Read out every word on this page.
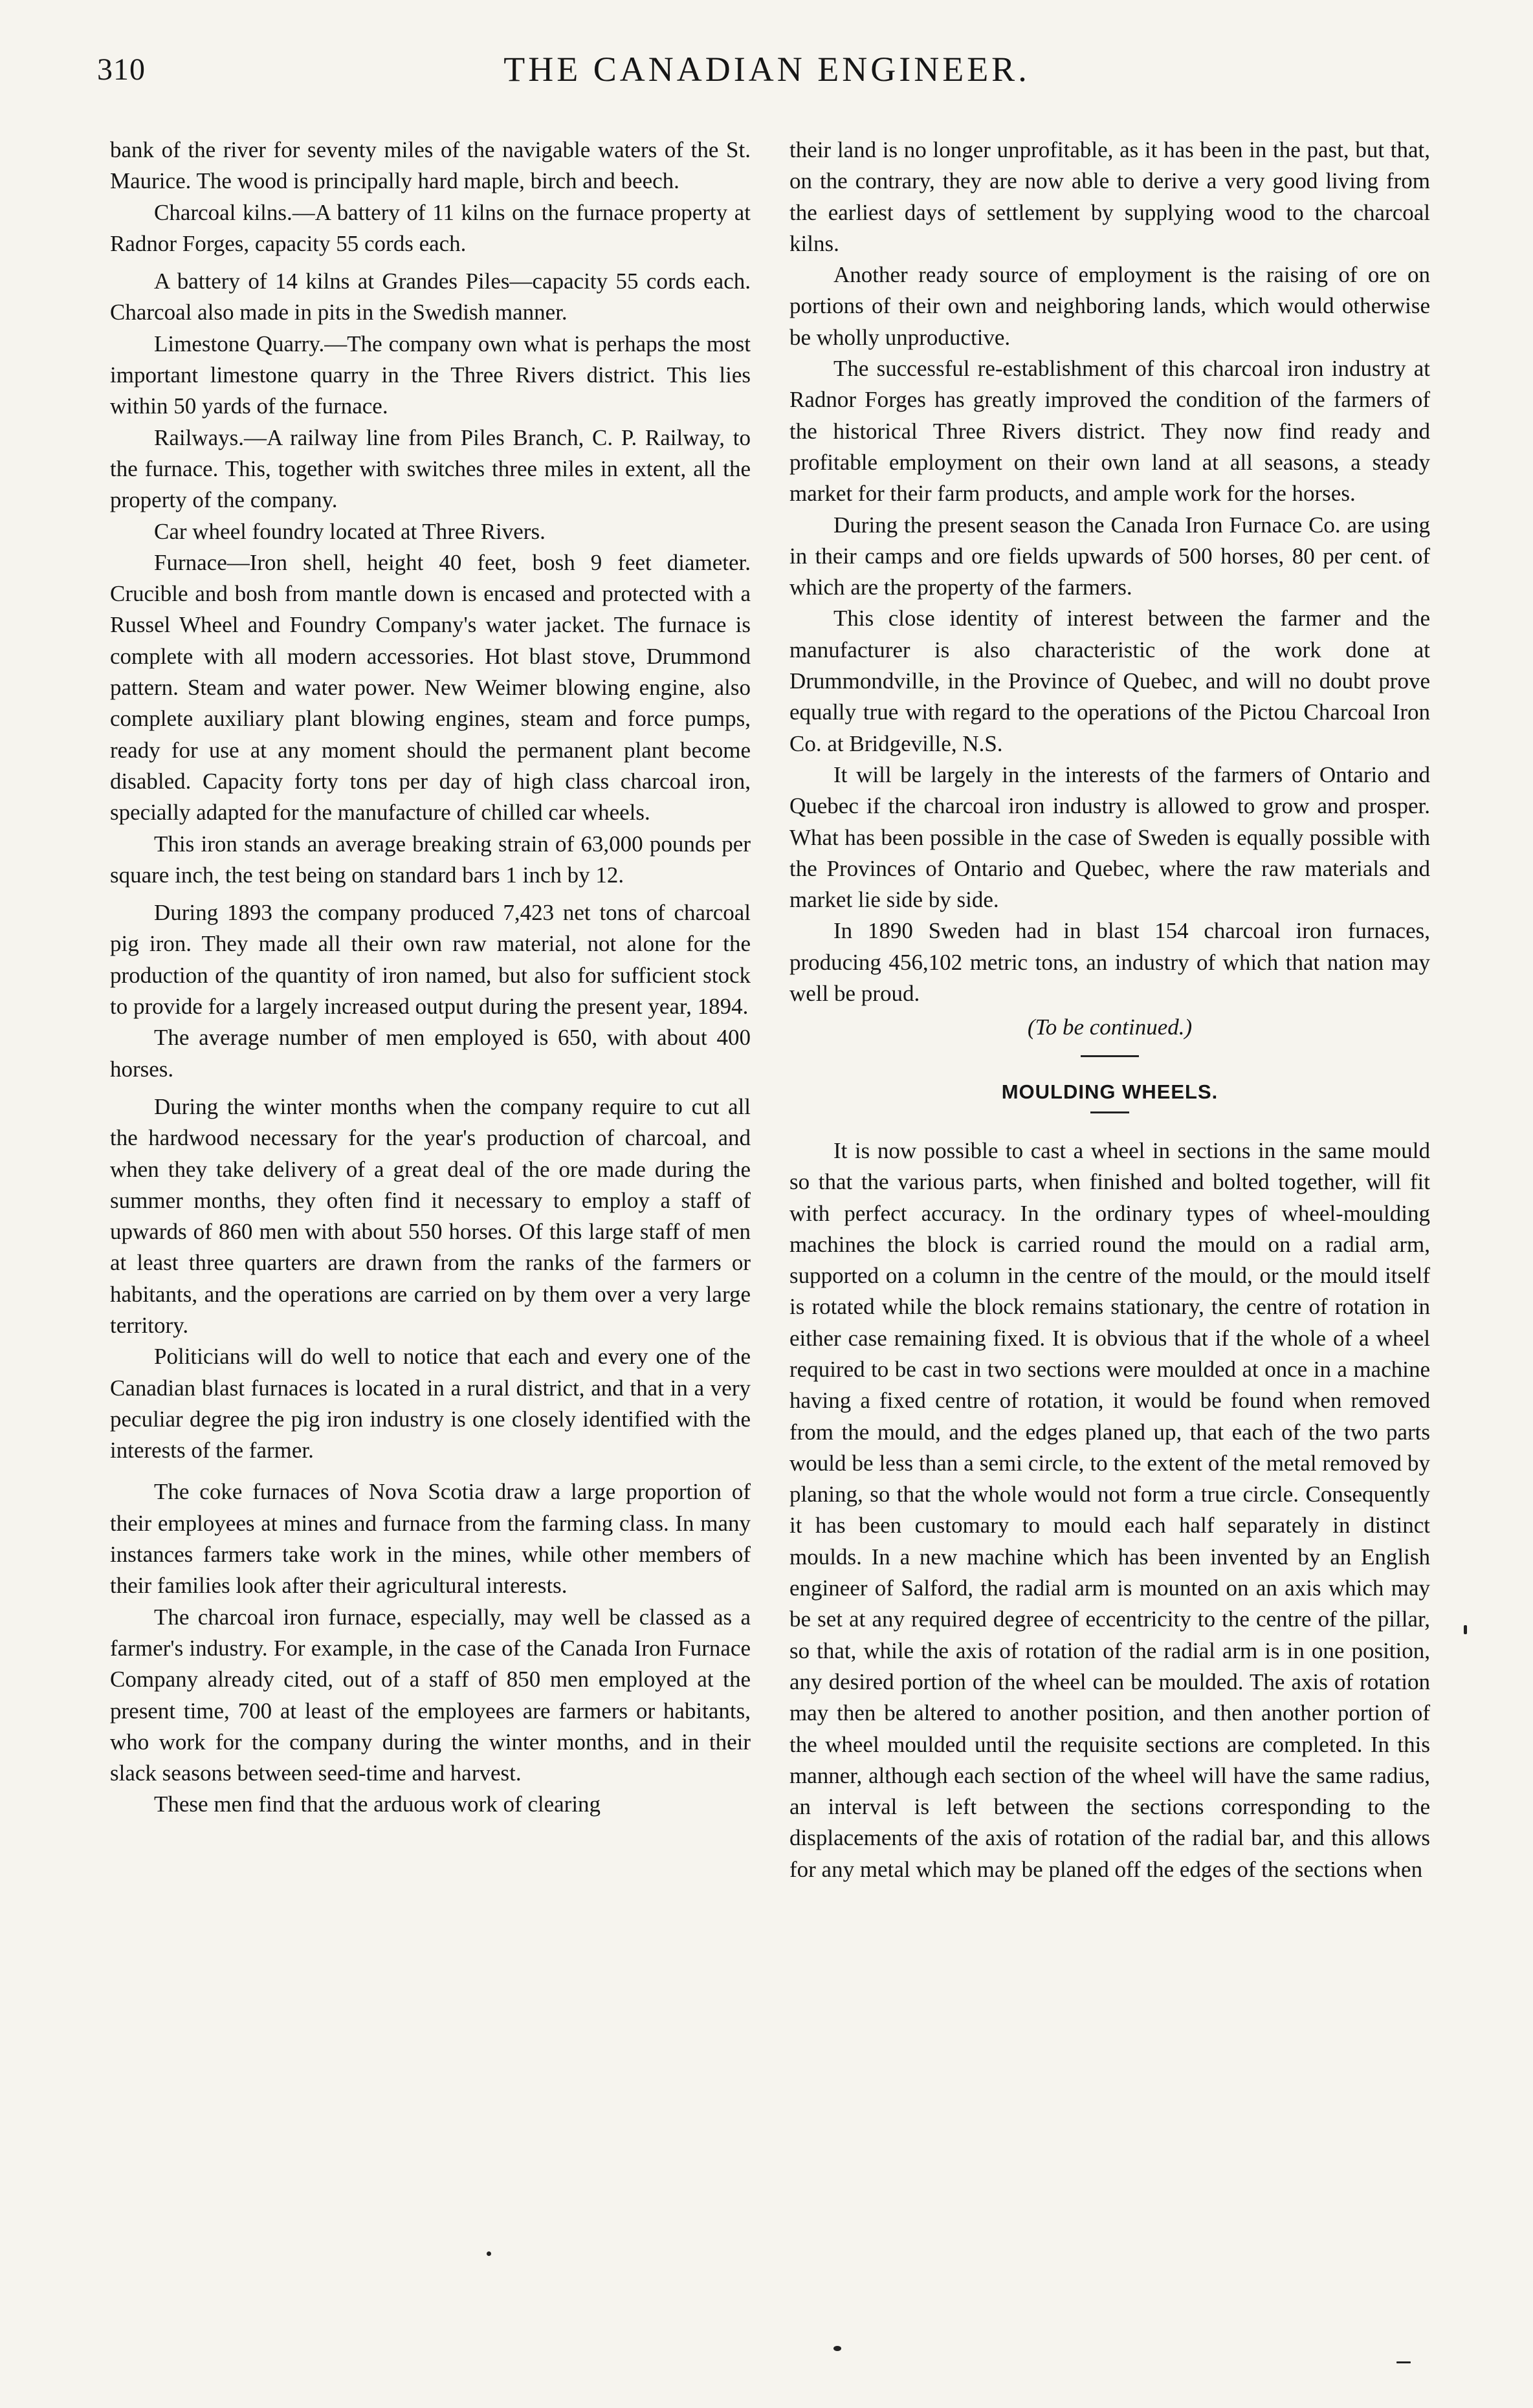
310	THE CANADIAN ENGINEER.

bank of the river for seventy miles of the navigable waters of the St. Maurice. The wood is principally hard maple, birch and beech.

Charcoal kilns.—A battery of 11 kilns on the furnace property at Radnor Forges, capacity 55 cords each.

A battery of 14 kilns at Grandes Piles—capacity 55 cords each. Charcoal also made in pits in the Swedish manner.

Limestone Quarry.—The company own what is perhaps the most important limestone quarry in the Three Rivers district. This lies within 50 yards of the furnace.

Railways.—A railway line from Piles Branch, C. P. Railway, to the furnace. This, together with switches three miles in extent, all the property of the company.

Car wheel foundry located at Three Rivers.

Furnace—Iron shell, height 40 feet, bosh 9 feet diameter. Crucible and bosh from mantle down is encased and protected with a Russel Wheel and Foundry Company's water jacket. The furnace is complete with all modern accessories. Hot blast stove, Drummond pattern. Steam and water power. New Weimer blowing engine, also complete auxiliary plant blowing engines, steam and force pumps, ready for use at any moment should the permanent plant become disabled. Capacity forty tons per day of high class charcoal iron, specially adapted for the manufacture of chilled car wheels.

This iron stands an average breaking strain of 63,000 pounds per square inch, the test being on standard bars 1 inch by 12.

During 1893 the company produced 7,423 net tons of charcoal pig iron. They made all their own raw material, not alone for the production of the quantity of iron named, but also for sufficient stock to provide for a largely increased output during the present year, 1894.

The average number of men employed is 650, with about 400 horses.

During the winter months when the company require to cut all the hardwood necessary for the year's production of charcoal, and when they take delivery of a great deal of the ore made during the summer months, they often find it necessary to employ a staff of upwards of 860 men with about 550 horses. Of this large staff of men at least three quarters are drawn from the ranks of the farmers or habitants, and the operations are carried on by them over a very large territory.

Politicians will do well to notice that each and every one of the Canadian blast furnaces is located in a rural district, and that in a very peculiar degree the pig iron industry is one closely identified with the interests of the farmer.

The coke furnaces of Nova Scotia draw a large proportion of their employees at mines and furnace from the farming class. In many instances farmers take work in the mines, while other members of their families look after their agricultural interests.

The charcoal iron furnace, especially, may well be classed as a farmer's industry. For example, in the case of the Canada Iron Furnace Company already cited, out of a staff of 850 men employed at the present time, 700 at least of the employees are farmers or habitants, who work for the company during the winter months, and in their slack seasons between seed-time and harvest.

These men find that the arduous work of clearing

their land is no longer unprofitable, as it has been in the past, but that, on the contrary, they are now able to derive a very good living from the earliest days of settlement by supplying wood to the charcoal kilns.

Another ready source of employment is the raising of ore on portions of their own and neighboring lands, which would otherwise be wholly unproductive.

The successful re-establishment of this charcoal iron industry at Radnor Forges has greatly improved the condition of the farmers of the historical Three Rivers district. They now find ready and profitable employment on their own land at all seasons, a steady market for their farm products, and ample work for the horses.

During the present season the Canada Iron Furnace Co. are using in their camps and ore fields upwards of 500 horses, 80 per cent. of which are the property of the farmers.

This close identity of interest between the farmer and the manufacturer is also characteristic of the work done at Drummondville, in the Province of Quebec, and will no doubt prove equally true with regard to the operations of the Pictou Charcoal Iron Co. at Bridgeville, N.S.

It will be largely in the interests of the farmers of Ontario and Quebec if the charcoal iron industry is allowed to grow and prosper. What has been possible in the case of Sweden is equally possible with the Provinces of Ontario and Quebec, where the raw materials and market lie side by side.

In 1890 Sweden had in blast 154 charcoal iron furnaces, producing 456,102 metric tons, an industry of which that nation may well be proud.

(To be continued.)
MOULDING WHEELS.

It is now possible to cast a wheel in sections in the same mould so that the various parts, when finished and bolted together, will fit with perfect accuracy. In the ordinary types of wheel-moulding machines the block is carried round the mould on a radial arm, supported on a column in the centre of the mould, or the mould itself is rotated while the block remains stationary, the centre of rotation in either case remaining fixed. It is obvious that if the whole of a wheel required to be cast in two sections were moulded at once in a machine having a fixed centre of rotation, it would be found when removed from the mould, and the edges planed up, that each of the two parts would be less than a semi circle, to the extent of the metal removed by planing, so that the whole would not form a true circle. Consequently it has been customary to mould each half separately in distinct moulds. In a new machine which has been invented by an English engineer of Salford, the radial arm is mounted on an axis which may be set at any required degree of eccentricity to the centre of the pillar, so that, while the axis of rotation of the radial arm is in one position, any desired portion of the wheel can be moulded. The axis of rotation may then be altered to another position, and then another portion of the wheel moulded until the requisite sections are completed. In this manner, although each section of the wheel will have the same radius, an interval is left between the sections corresponding to the displacements of the axis of rotation of the radial bar, and this allows for any metal which may be planed off the edges of the sections when
